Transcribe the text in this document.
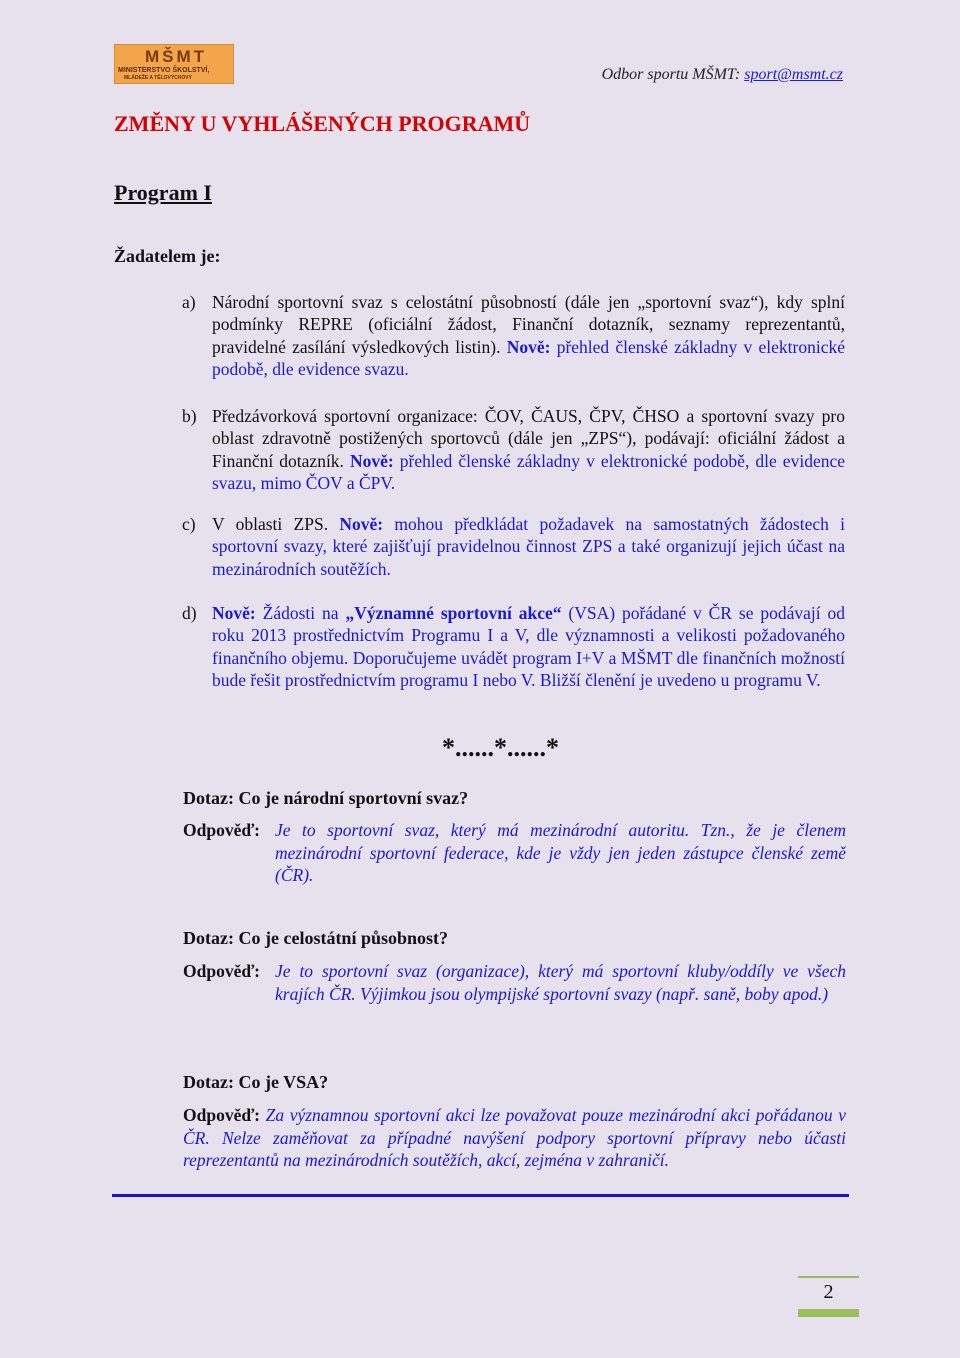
MŠMT
MINISTERSTVO ŠKOLSTVÍ,
MLÁDEŽE A TĚLOVÝCHOVY	Odbor sportu MŠMT: sport@msmt.cz
ZMĚNY U VYHLÁŠENÝCH PROGRAMŮ
Program I
Žadatelem je:
a) Národní sportovní svaz s celostátní působností (dále jen „sportovní svaz“), kdy splní podmínky REPRE (oficiální žádost, Finanční dotazník, seznamy reprezentantů, pravidelné zasílání výsledkových listin). Nově: přehled členské základny v elektronické podobě, dle evidence svazu.
b) Předzávorková sportovní organizace: ČOV, ČAUS, ČPV, ČHSO a sportovní svazy pro oblast zdravotně postižených sportovců (dále jen „ZPS“), podávají: oficiální žádost a Finanční dotazník. Nově: přehled členské základny v elektronické podobě, dle evidence svazu, mimo ČOV a ČPV.
c) V oblasti ZPS. Nově: mohou předkládat požadavek na samostatných žádostech i sportovní svazy, které zajišťují pravidelnou činnost ZPS a také organizují jejich účast na mezinárodních soutěžích.
d) Nově: Žádosti na „Významné sportovní akce“ (VSA) pořádané v ČR se podávají od roku 2013 prostřednictvím Programu I a V, dle významnosti a velikosti požadovaného finančního objemu. Doporučujeme uvádět program I+V a MŠMT dle finančních možností bude řešit prostřednictvím programu I nebo V. Bližší členění je uvedeno u programu V.
*......*......*
Dotaz: Co je národní sportovní svaz?
Odpověď: Je to sportovní svaz, který má mezinárodní autoritu. Tzn., že je členem mezinárodní sportovní federace, kde je vždy jen jeden zástupce členské země (ČR).
Dotaz: Co je celostátní působnost?
Odpověď: Je to sportovní svaz (organizace), který má sportovní kluby/oddíly ve všech krajích ČR. Výjimkou jsou olympijské sportovní svazy (např. saně, boby apod.)
Dotaz: Co je VSA?
Odpověď: Za významnou sportovní akci lze považovat pouze mezinárodní akci pořádanou v ČR. Nelze zaměňovat za případné navýšení podpory sportovní přípravy nebo účasti reprezentantů na mezinárodních soutěžích, akcí, zejména v zahraničí.
2
